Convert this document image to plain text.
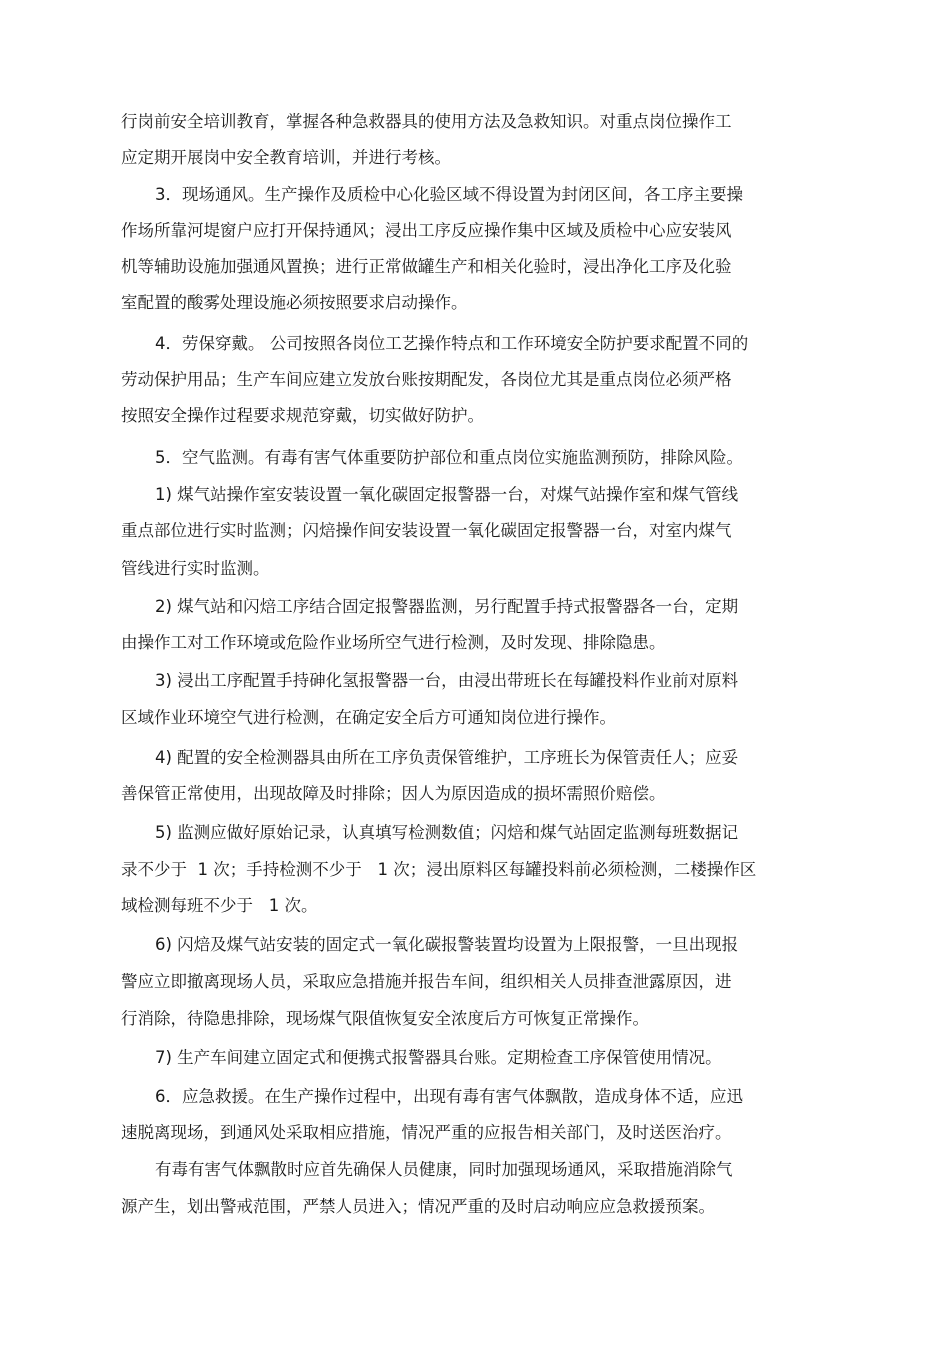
行岗前安全培训教育，掌握各种急救器具的使用方法及急救知识。对重点岗位操作工
应定期开展岗中安全教育培训，并进行考核。
3．现场通风。生产操作及质检中心化验区域不得设置为封闭区间，各工序主要操
作场所靠河堤窗户应打开保持通风；浸出工序反应操作集中区域及质检中心应安装风
机等辅助设施加强通风置换；进行正常做罐生产和相关化验时，浸出净化工序及化验
室配置的酸雾处理设施必须按照要求启动操作。
4．劳保穿戴。 公司按照各岗位工艺操作特点和工作环境安全防护要求配置不同的
劳动保护用品；生产车间应建立发放台账按期配发，各岗位尤其是重点岗位必须严格
按照安全操作过程要求规范穿戴，切实做好防护。
5．空气监测。有毒有害气体重要防护部位和重点岗位实施监测预防，排除风险。
1) 煤气站操作室安装设置一氧化碳固定报警器一台，对煤气站操作室和煤气管线
重点部位进行实时监测；闪焙操作间安装设置一氧化碳固定报警器一台，对室内煤气
管线进行实时监测。
2) 煤气站和闪焙工序结合固定报警器监测，另行配置手持式报警器各一台，定期
由操作工对工作环境或危险作业场所空气进行检测，及时发现、排除隐患。
3) 浸出工序配置手持砷化氢报警器一台，由浸出带班长在每罐投料作业前对原料
区域作业环境空气进行检测，在确定安全后方可通知岗位进行操作。
4) 配置的安全检测器具由所在工序负责保管维护，工序班长为保管责任人；应妥
善保管正常使用，出现故障及时排除；因人为原因造成的损坏需照价赔偿。
5) 监测应做好原始记录，认真填写检测数值；闪焙和煤气站固定监测每班数据记
录不少于  1 次；手持检测不少于   1 次；浸出原料区每罐投料前必须检测，二楼操作区
域检测每班不少于   1 次。
6) 闪焙及煤气站安装的固定式一氧化碳报警装置均设置为上限报警，一旦出现报
警应立即撤离现场人员，采取应急措施并报告车间，组织相关人员排查泄露原因，进
行消除，待隐患排除，现场煤气限值恢复安全浓度后方可恢复正常操作。
7) 生产车间建立固定式和便携式报警器具台账。定期检查工序保管使用情况。
6．应急救援。在生产操作过程中，出现有毒有害气体飘散，造成身体不适，应迅
速脱离现场，到通风处采取相应措施，情况严重的应报告相关部门，及时送医治疗。
有毒有害气体飘散时应首先确保人员健康，同时加强现场通风，采取措施消除气
源产生，划出警戒范围，严禁人员进入；情况严重的及时启动响应应急救援预案。
